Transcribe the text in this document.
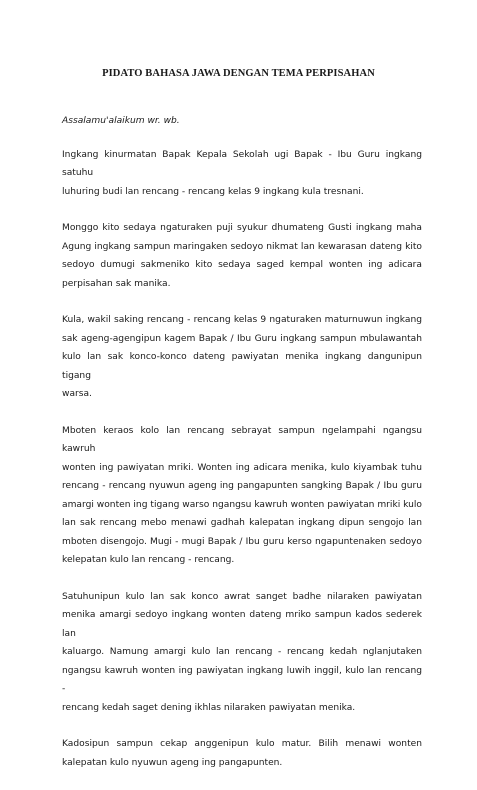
PIDATO BAHASA JAWA DENGAN TEMA PERPISAHAN

Assalamu'alaikum wr. wb.

Ingkang kinurmatan Bapak Kepala Sekolah ugi Bapak - Ibu Guru ingkang satuhu
luhuring budi lan rencang - rencang kelas 9 ingkang kula tresnani.

Monggo kito sedaya ngaturaken puji syukur dhumateng Gusti ingkang maha
Agung ingkang sampun maringaken sedoyo nikmat lan kewarasan dateng kito
sedoyo dumugi sakmeniko kito sedaya saged kempal wonten ing adicara
perpisahan sak manika.

Kula, wakil saking rencang - rencang kelas 9 ngaturaken maturnuwun ingkang
sak ageng-agengipun kagem Bapak / Ibu Guru ingkang sampun mbulawantah
kulo lan sak konco-konco dateng pawiyatan menika ingkang dangunipun tigang
warsa.

Mboten keraos kolo lan rencang sebrayat sampun ngelampahi ngangsu kawruh
wonten ing pawiyatan mriki. Wonten ing adicara menika, kulo kiyambak tuhu
rencang - rencang nyuwun ageng ing pangapunten sangking Bapak / Ibu guru
amargi wonten ing tigang warso ngangsu kawruh wonten pawiyatan mriki kulo
lan sak rencang mebo menawi gadhah kalepatan ingkang dipun sengojo lan
mboten disengojo. Mugi - mugi Bapak / Ibu guru kerso ngapuntenaken sedoyo
kelepatan kulo lan rencang - rencang.

Satuhunipun kulo lan sak konco awrat sanget badhe nilaraken pawiyatan
menika amargi sedoyo ingkang wonten dateng mriko sampun kados sederek lan
kaluargo. Namung amargi kulo lan rencang - rencang kedah nglanjutaken
ngangsu kawruh wonten ing pawiyatan ingkang luwih inggil, kulo lan rencang -
rencang kedah saget dening ikhlas nilaraken pawiyatan menika.

Kadosipun sampun cekap anggenipun kulo matur. Bilih menawi wonten
kalepatan kulo nyuwun ageng ing pangapunten.
